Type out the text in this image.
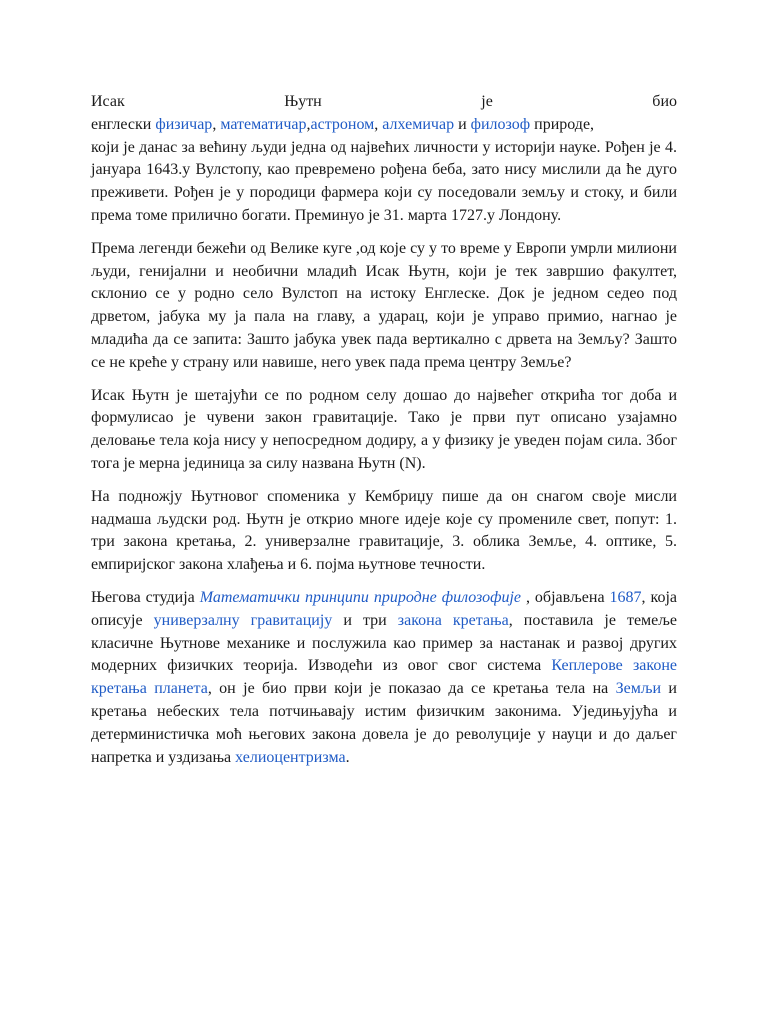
Исак	Њутн	је	био
енглески физичар, математичар,астроном, алхемичар и филозоф природе,
који је данас за већину људи једна од највећих личности у историји науке. Рођен је 4. јануара 1643.у Вулстопу, као превремено рођена беба, зато нису мислили да ће дуго преживети. Рођен је у породици фармера који су поседовали земљу и стоку, и били према томе прилично богати. Преминуо је 31. марта 1727.у Лондону.

Према легенди бежећи од Велике куге ,од које су у то време у Европи умрли милиони људи, генијални и необични младић Исак Њутн, који је тек завршио факултет, склонио се у родно село Вулстоп на истоку Енглеске. Док је једном седео под дрветом, јабука му ја пала на главу, а ударац, који је управо примио, нагнао је младића да се запита: Зашто јабука увек пада вертикално с дрвета на Земљу? Зашто се не креће у страну или навише, него увек пада према центру Земље?

Исак Њутн је шетајући се по родном селу дошао до највећег открића тог доба и формулисао је чувени закон гравитације. Тако је први пут описано узајамно деловање тела која нису у непосредном додиру, а у физику је уведен појам сила. Због тога је мерна јединица за силу названа Њутн (N).

На подножју Њутновог споменика у Кембриџу пише да он снагом своје мисли надмаша људски род. Њутн је открио многе идеје које су промениле свет, попут: 1. три закона кретања, 2. универзалне гравитације, 3. облика Земље, 4. оптике, 5. емпиријског закона хлађења и 6. појма њутнове течности.

Његова студија Математички принципи природне филозофије , објављена 1687, која описује универзалну гравитацију и три закона кретања, поставила је темеље класичне Њутнове механике и послужила као пример за настанак и развој других модерних физичких теорија. Изводећи из овог свог система Кеплерове законе кретања планета, он је био први који је показао да се кретања тела на Земљи и кретања небеских тела потчињавају истим физичким законима. Уједињујућа и детерминистичка моћ његових закона довела је до револуције у науци и до даљег напретка и уздизања хелиоцентризма.
